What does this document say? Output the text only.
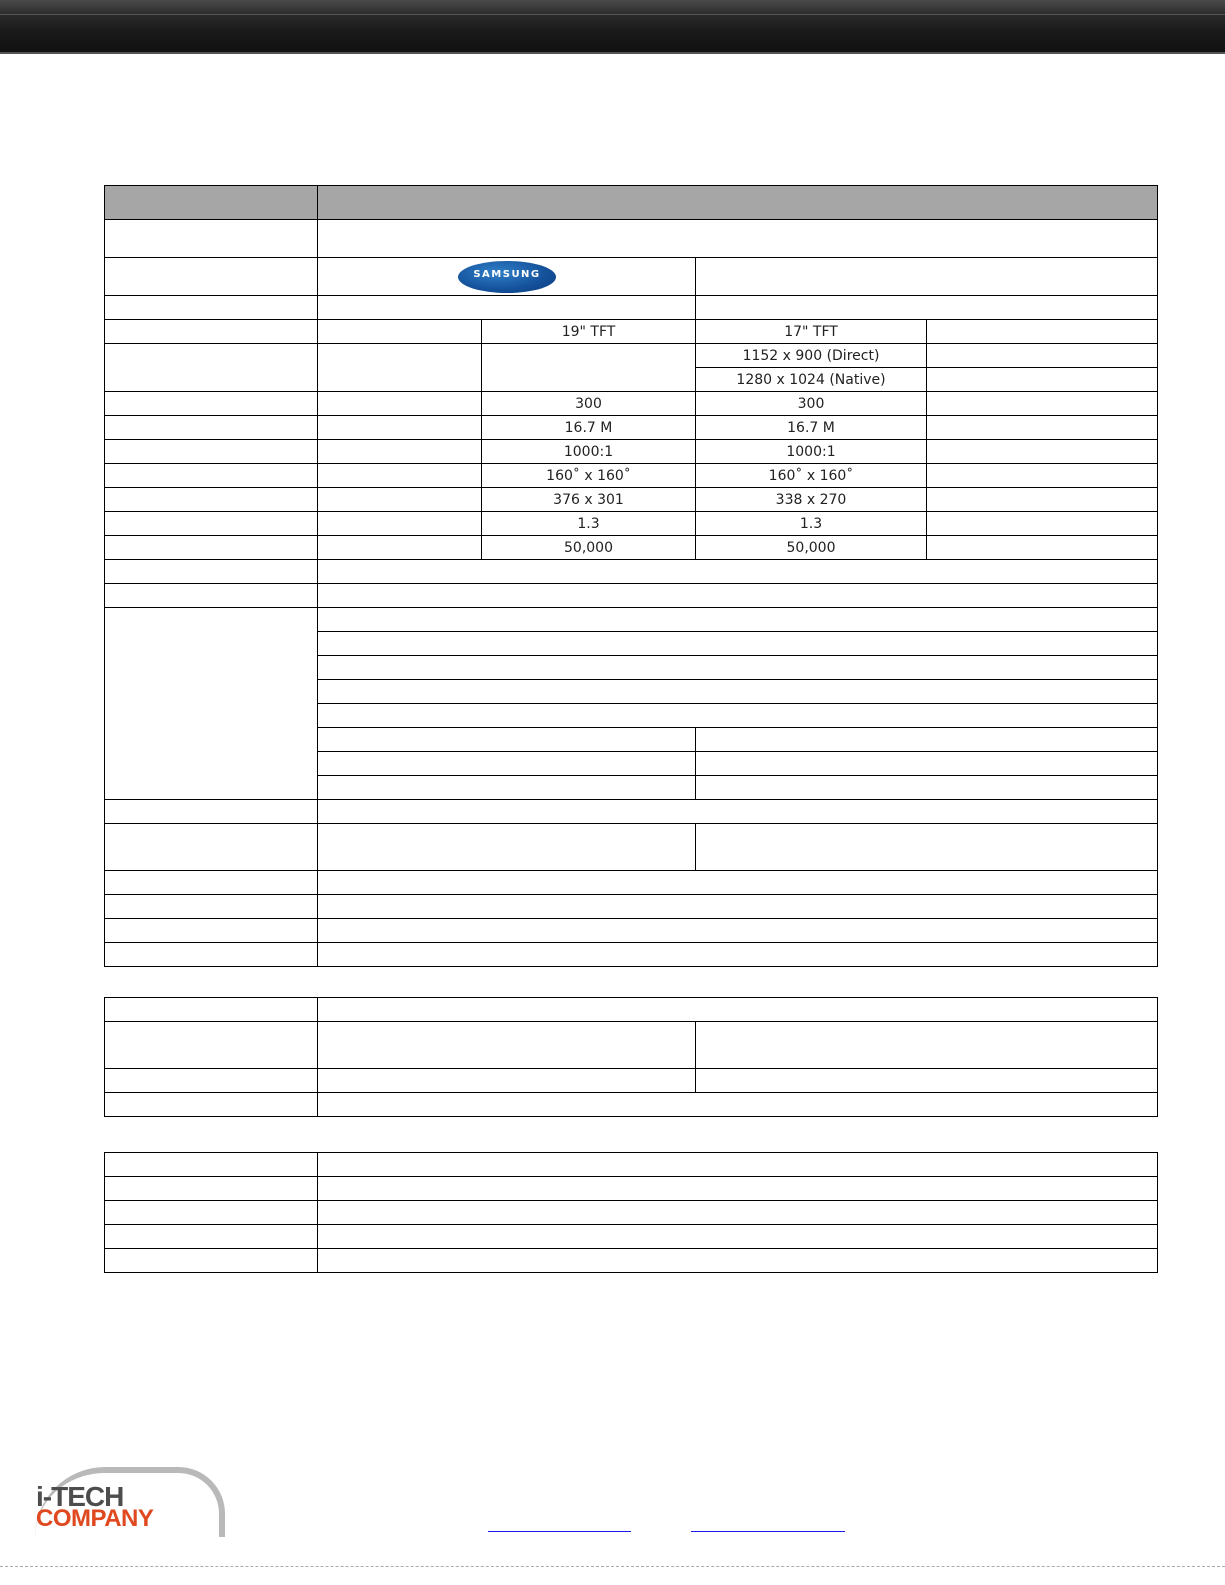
	SAMSUNG			

		19" TFT	17" TFT	
			1152 x 900 (Direct)	
			1280 x 1024 (Native)	
		300	300	
		16.7 M	16.7 M	
		1000:1	1000:1	
		160˚ x 160˚	160˚ x 160˚	
		376 x 301	338 x 270	
		1.3	1.3	
		50,000	50,000	

i-TECH
COMPANY
